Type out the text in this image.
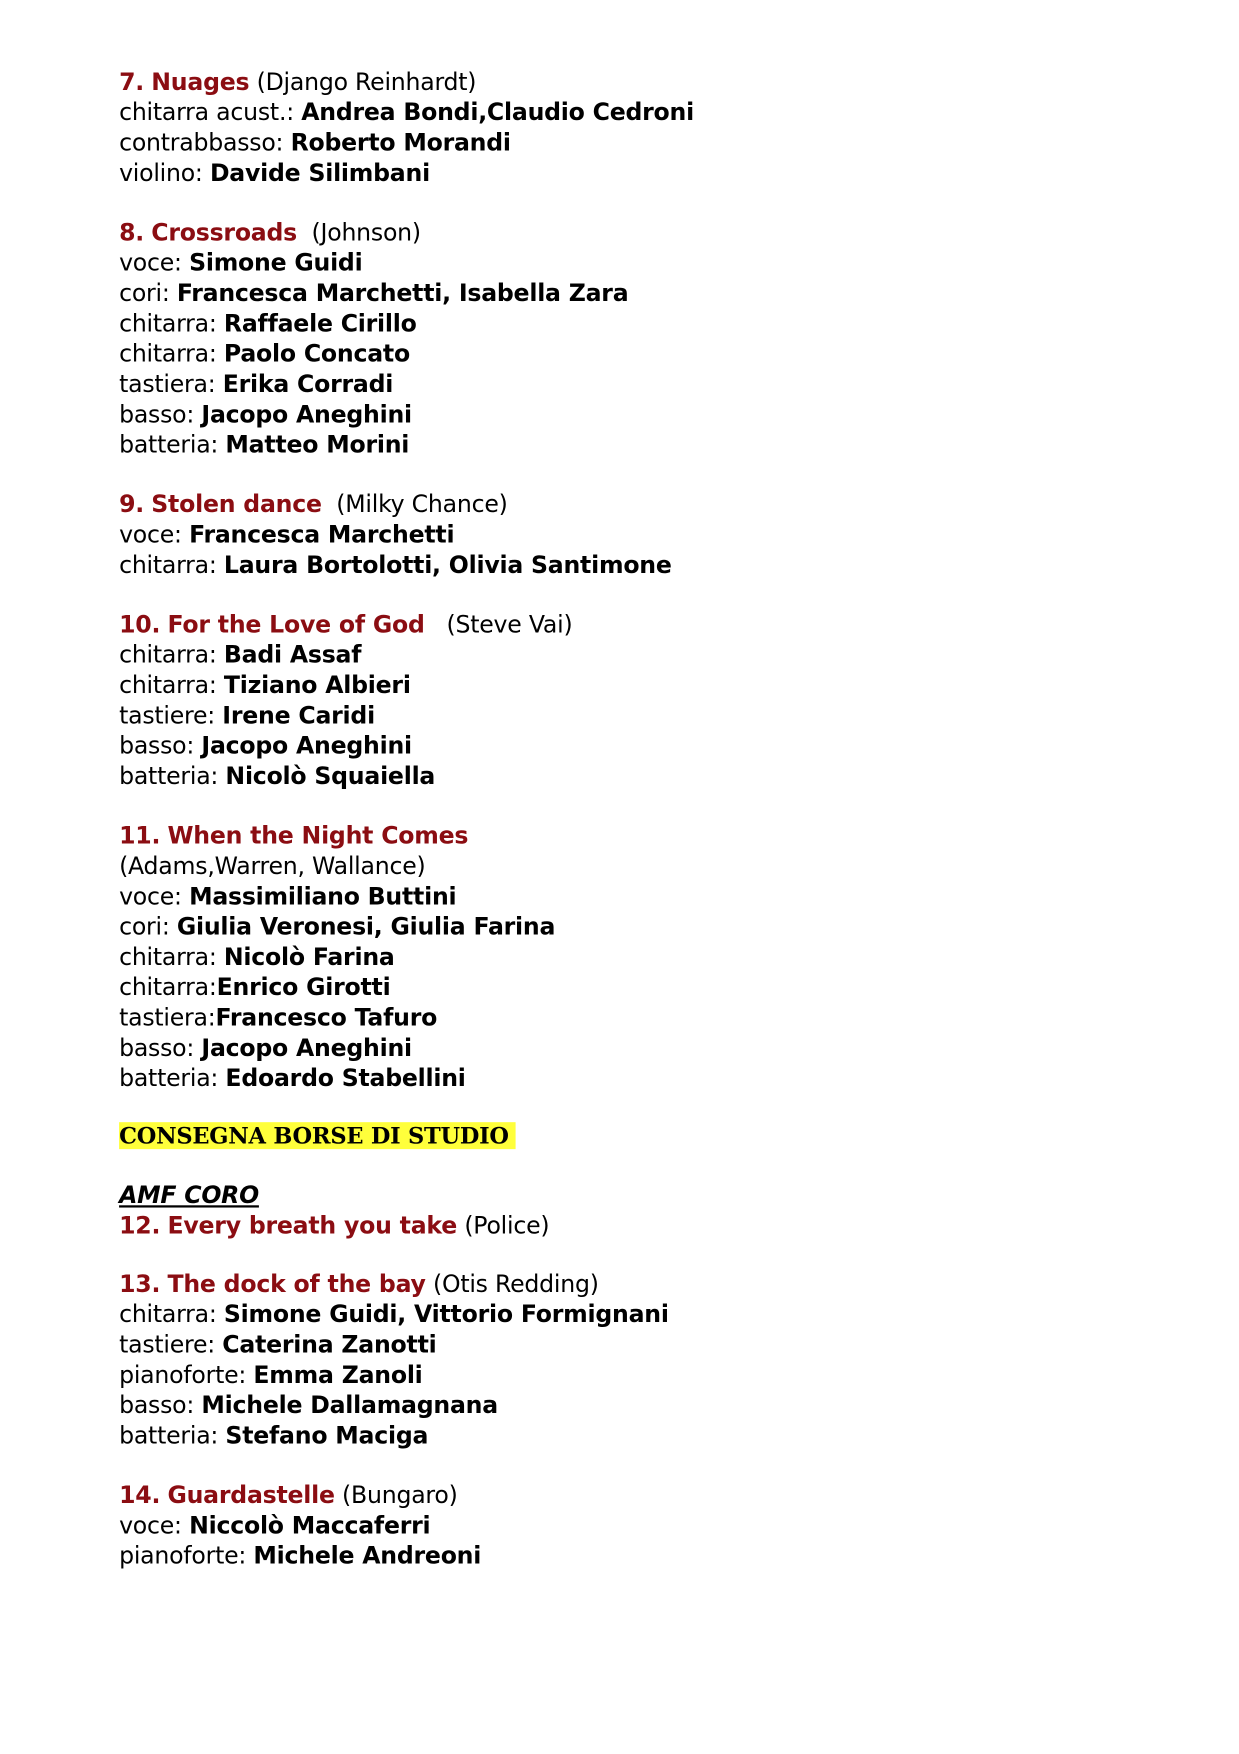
7. Nuages (Django Reinhardt)
chitarra acust.: Andrea Bondi,Claudio Cedroni
contrabbasso: Roberto Morandi
violino: Davide Silimbani
8. Crossroads (Johnson)
voce: Simone Guidi
cori: Francesca Marchetti, Isabella Zara
chitarra: Raffaele Cirillo
chitarra: Paolo Concato
tastiera: Erika Corradi
basso: Jacopo Aneghini
batteria: Matteo Morini
9. Stolen dance (Milky Chance)
voce: Francesca Marchetti
chitarra: Laura Bortolotti, Olivia Santimone
10. For the Love of God (Steve Vai)
chitarra: Badi Assaf
chitarra: Tiziano Albieri
tastiere: Irene Caridi
basso: Jacopo Aneghini
batteria: Nicolò Squaiella
11. When the Night Comes
(Adams,Warren, Wallance)
voce: Massimiliano Buttini
cori: Giulia Veronesi, Giulia Farina
chitarra: Nicolò Farina
chitarra:Enrico Girotti
tastiera:Francesco Tafuro
basso: Jacopo Aneghini
batteria: Edoardo Stabellini
CONSEGNA BORSE DI STUDIO
AMF CORO
12. Every breath you take (Police)
13. The dock of the bay (Otis Redding)
chitarra: Simone Guidi, Vittorio Formignani
tastiere: Caterina Zanotti
pianoforte: Emma Zanoli
basso: Michele Dallamagnana
batteria: Stefano Maciga
14. Guardastelle (Bungaro)
voce: Niccolò Maccaferri
pianoforte: Michele Andreoni
